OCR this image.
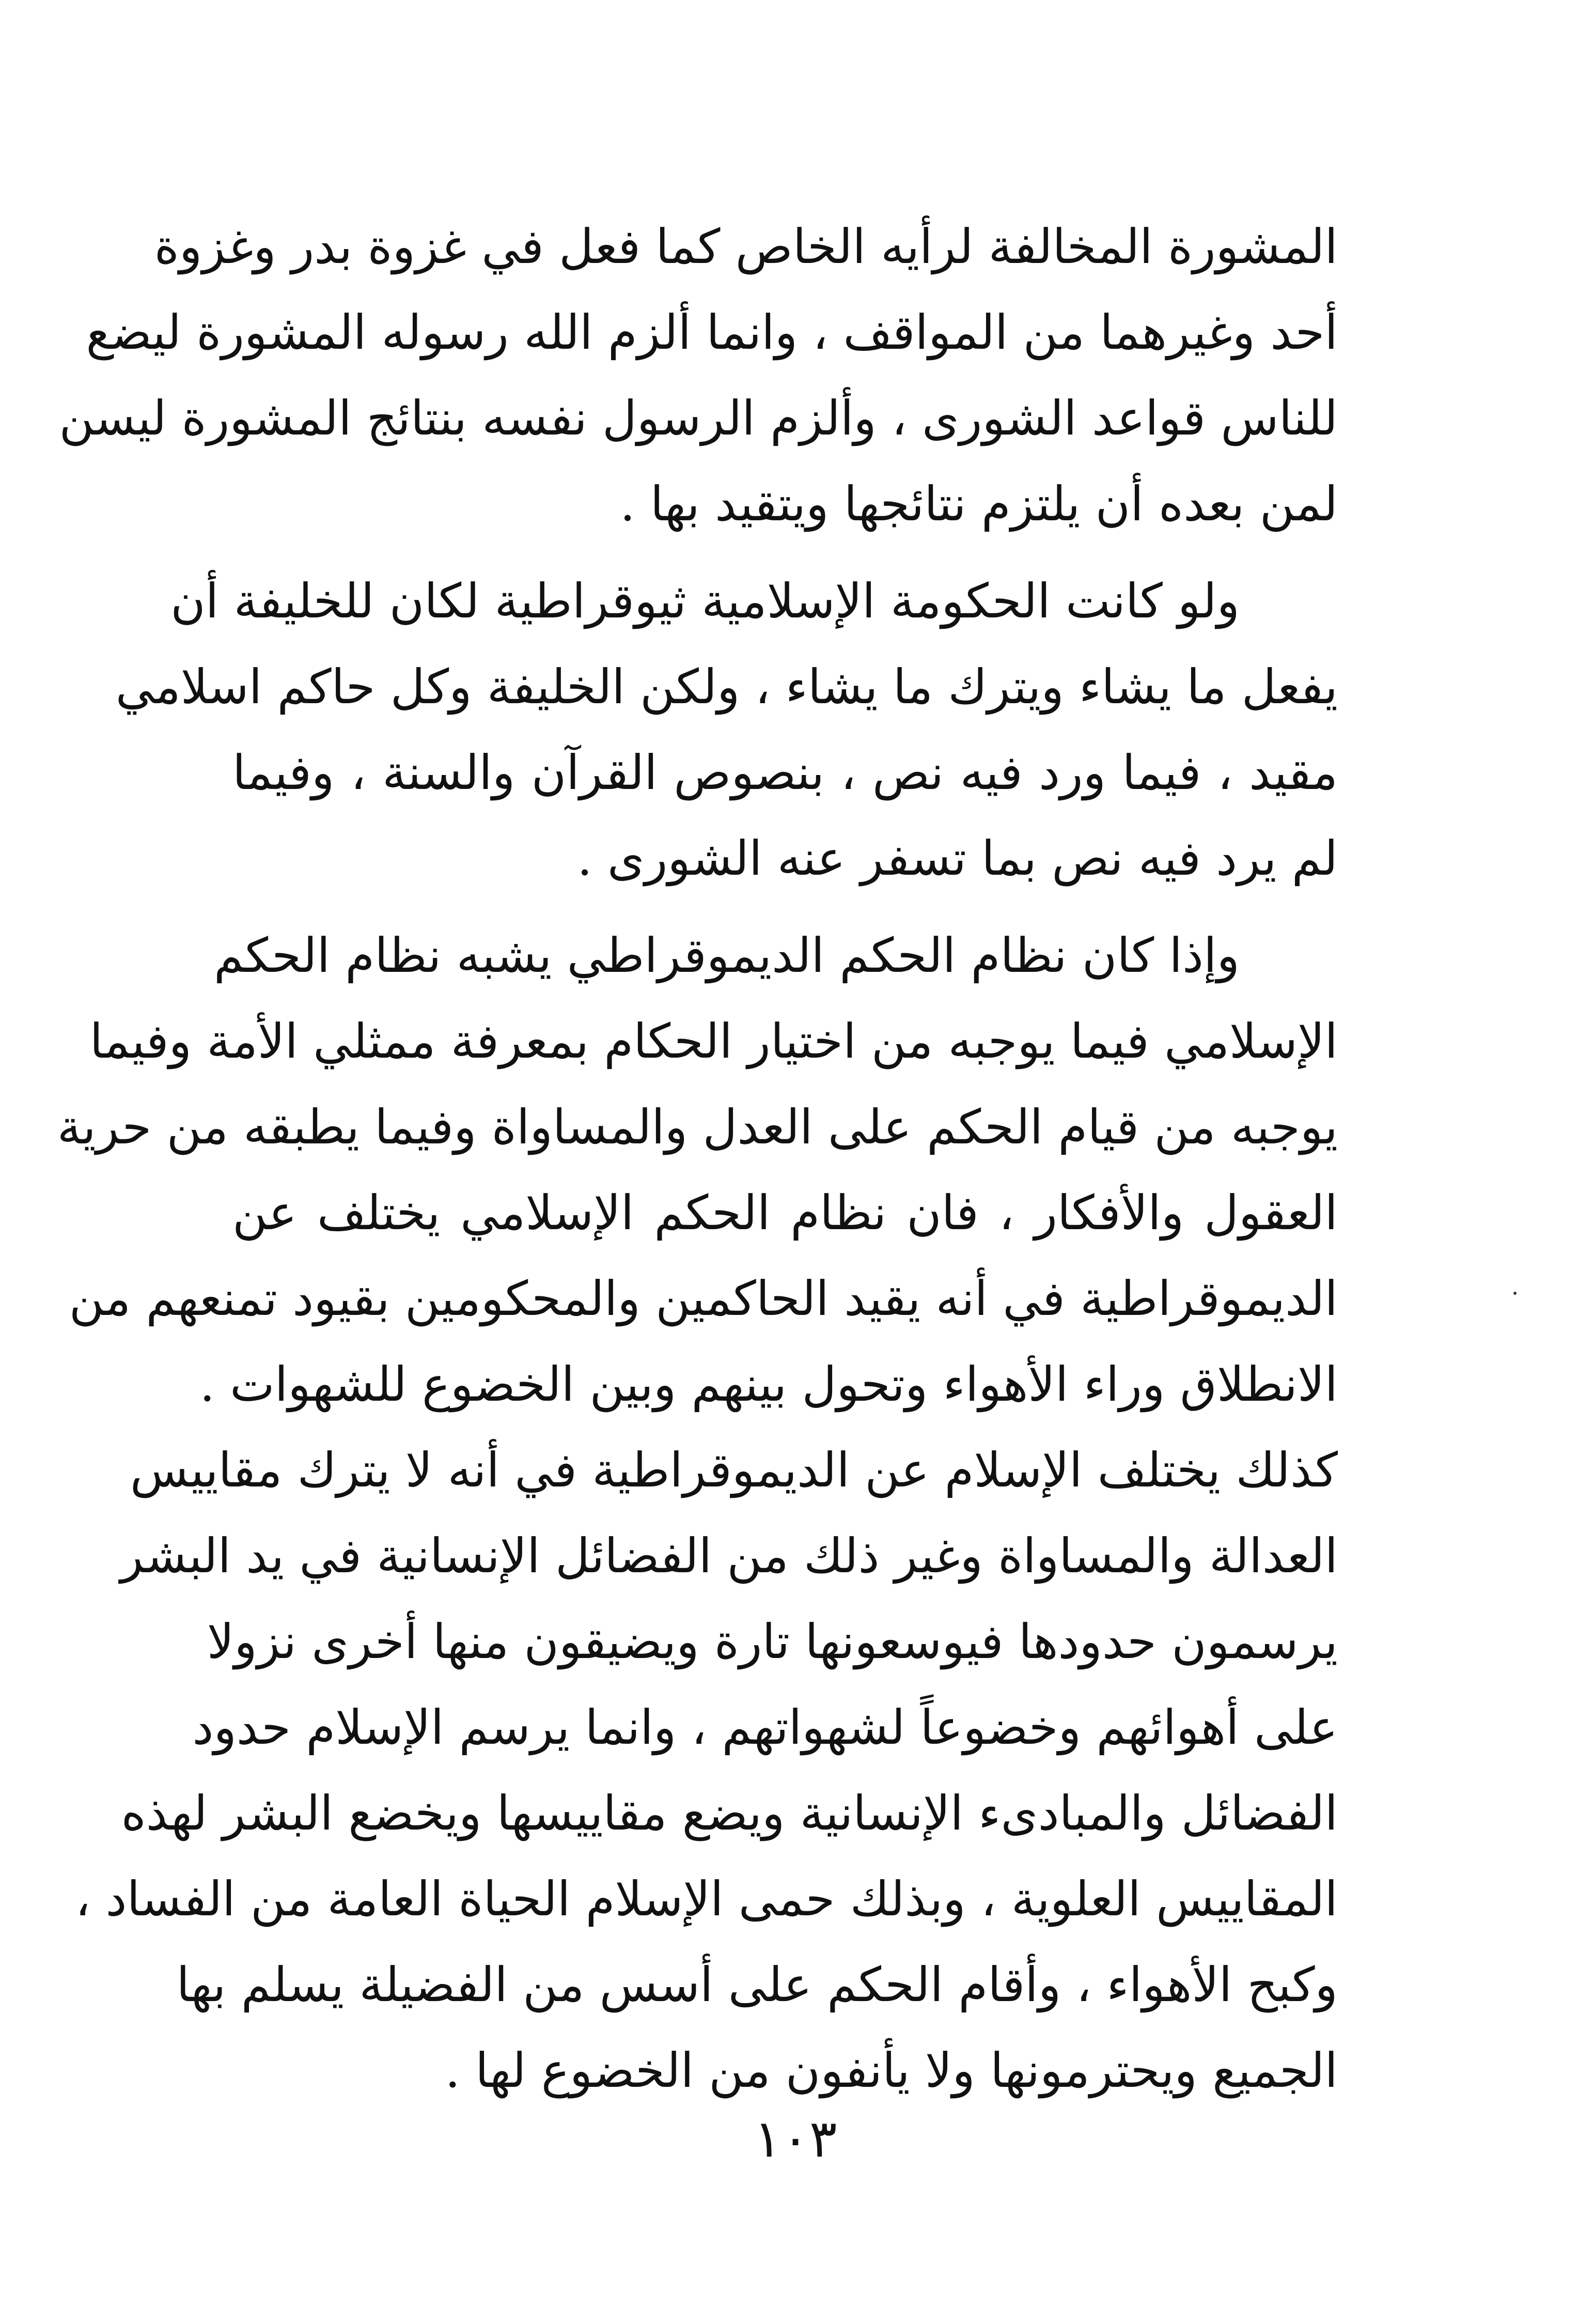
المشورة المخالفة لرأيه الخاص كما فعل في غزوة بدر وغزوة
أحد وغيرهما من المواقف ، وانما ألزم الله رسوله المشورة ليضع
للناس قواعد الشورى ، وألزم الرسول نفسه بنتائج المشورة ليسن
لمن بعده أن يلتزم نتائجها ويتقيد بها .
ولو كانت الحكومة الإسلامية ثيوقراطية لكان للخليفة أن
يفعل ما يشاء ويترك ما يشاء ، ولكن الخليفة وكل حاكم اسلامي
مقيد ، فيما ورد فيه نص ، بنصوص القرآن والسنة ، وفيما
لم يرد فيه نص بما تسفر عنه الشورى .
وإذا كان نظام الحكم الديموقراطي يشبه نظام الحكم
الإسلامي فيما يوجبه من اختيار الحكام بمعرفة ممثلي الأمة وفيما
يوجبه من قيام الحكم على العدل والمساواة وفيما يطبقه من حرية
العقول والأفكار ، فان نظام الحكم الإسلامي يختلف عن
الديموقراطية في أنه يقيد الحاكمين والمحكومين بقيود تمنعهم من
الانطلاق وراء الأهواء وتحول بينهم وبين الخضوع للشهوات .
كذلك يختلف الإسلام عن الديموقراطية في أنه لا يترك مقاييس
العدالة والمساواة وغير ذلك من الفضائل الإنسانية في يد البشر
يرسمون حدودها فيوسعونها تارة ويضيقون منها أخرى نزولا
على أهوائهم وخضوعاً لشهواتهم ، وانما يرسم الإسلام حدود
الفضائل والمبادىء الإنسانية ويضع مقاييسها ويخضع البشر لهذه
المقاييس العلوية ، وبذلك حمى الإسلام الحياة العامة من الفساد ،
وكبح الأهواء ، وأقام الحكم على أسس من الفضيلة يسلم بها
الجميع ويحترمونها ولا يأنفون من الخضوع لها .
١٠٣
